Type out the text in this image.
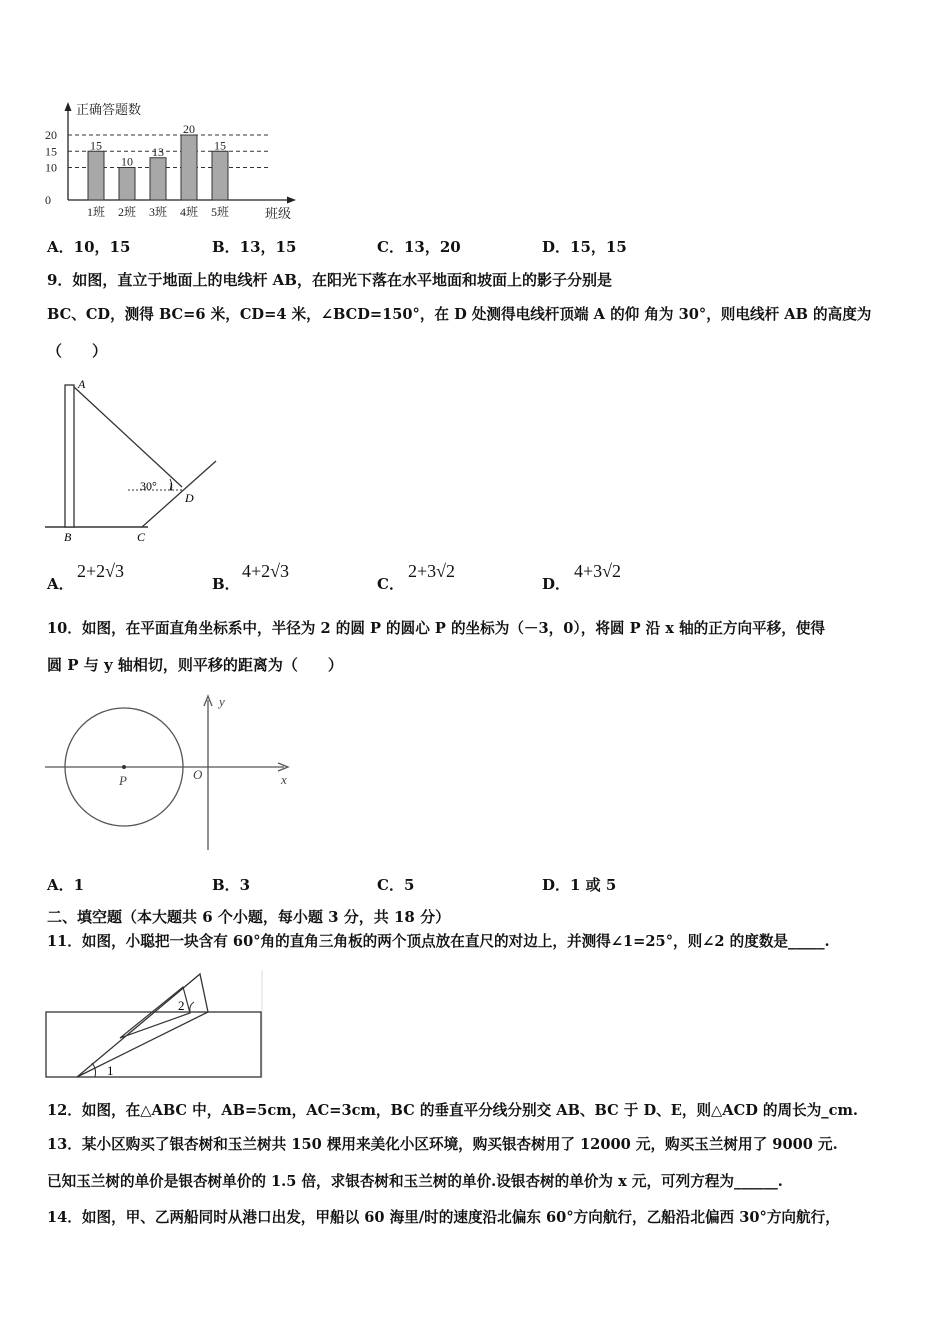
15
10
13
20
15
0
10
15
20
1班 2班 3班 4班 5班
正确答题数
班级
A．10，15	B．13，15	C．13，20	D．15，15
9．如图，直立于地面上的电线杆 AB，在阳光下落在水平地面和坡面上的影子分别是
BC、CD，测得 BC=6 米，CD=4 米，∠BCD=150°，在 D 处测得电线杆顶端 A 的仰 角为 30°，则电线杆 AB 的高度为
（　　）
A
B	C
D
30° 1
A．
2+2√3
B．
4+2√3
C．
2+3√2
D．
4+3√2
10．如图，在平面直角坐标系中，半径为 2 的圆 P 的圆心 P 的坐标为（－3，0），将圆 P 沿 x 轴的正方向平移，使得
圆 P 与 y 轴相切，则平移的距离为（　　）
P	O	x
y
A．1	B．3	C．5	D．1 或 5
二、填空题（本大题共 6 个小题，每小题 3 分，共 18 分）
11．如图，小聪把一块含有 60°角的直角三角板的两个顶点放在直尺的对边上，并测得∠1=25°，则∠2 的度数是_____.
1
2
12．如图，在△ABC 中，AB=5cm，AC=3cm，BC 的垂直平分线分别交 AB、BC 于 D、E，则△ACD 的周长为_cm.
13．某小区购买了银杏树和玉兰树共 150 棵用来美化小区环境，购买银杏树用了 12000 元，购买玉兰树用了 9000 元.
已知玉兰树的单价是银杏树单价的 1.5 倍，求银杏树和玉兰树的单价.设银杏树的单价为 x 元，可列方程为______.
14．如图，甲、乙两船同时从港口出发，甲船以 60 海里/时的速度沿北偏东 60°方向航行，乙船沿北偏西 30°方向航行，
